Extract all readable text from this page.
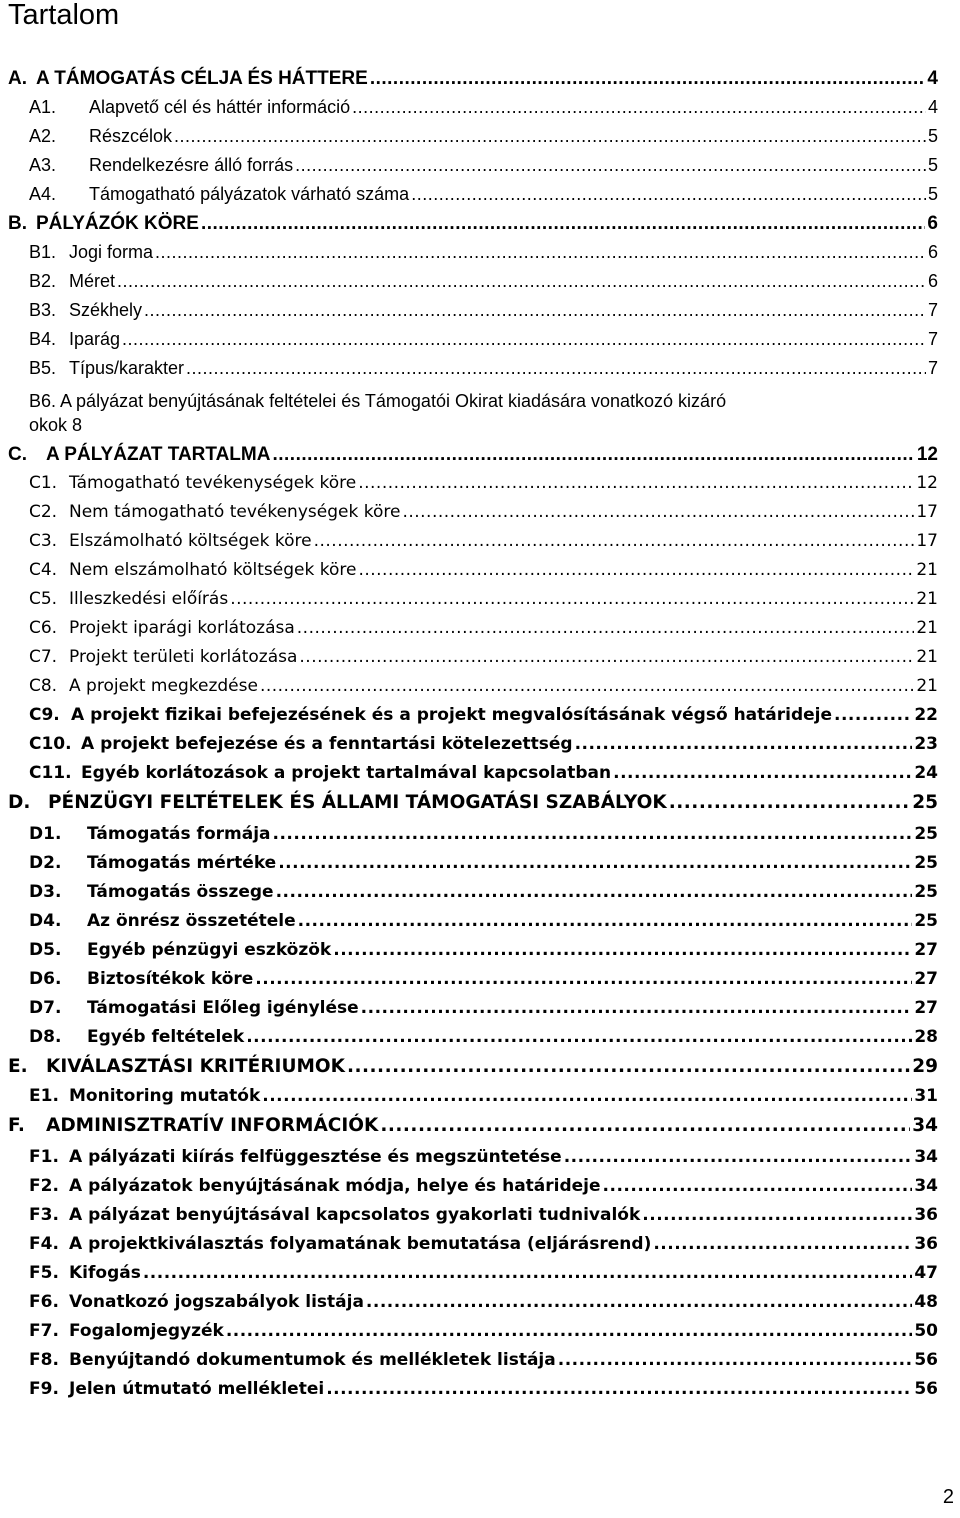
Tartalom
A. A TÁMOGATÁS CÉLJA ÉS HÁTTERE .....	4
A1.	Alapvető cél és háttér információ .....	4
A2.	Részcélok .....	5
A3.	Rendelkezésre álló forrás .....	5
A4.	Támogatható pályázatok várható száma .....	5
B. PÁLYÁZÓK KÖRE .....	6
B1. Jogi forma .....	6
B2. Méret .....	6
B3. Székhely .....	7
B4. Iparág .....	7
B5. Típus/karakter .....	7
B6. A pályázat benyújtásának feltételei és Támogatói Okirat kiadására vonatkozó kizáró
okok 8
C.	A PÁLYÁZAT TARTALMA .....	12
C1. Támogatható tevékenységek köre .....	12
C2. Nem támogatható tevékenységek köre .....	17
C3. Elszámolható költségek köre .....	17
C4. Nem elszámolható költségek köre .....	21
C5. Illeszkedési előírás .....	21
C6. Projekt iparági korlátozása .....	21
C7. Projekt területi korlátozása .....	21
C8. A projekt megkezdése .....	21
C9. A projekt fizikai befejezésének és a projekt megvalósításának végső határideje .....	22
C10. A projekt befejezése és a fenntartási kötelezettség .....	23
C11. Egyéb korlátozások a projekt tartalmával kapcsolatban .....	24
D. PÉNZÜGYI FELTÉTELEK ÉS ÁLLAMI TÁMOGATÁSI SZABÁLYOK .....	25
D1.	Támogatás formája .....	25
D2.	Támogatás mértéke .....	25
D3.	Támogatás összege .....	25
D4.	Az önrész összetétele .....	25
D5.	Egyéb pénzügyi eszközök .....	27
D6.	Biztosítékok köre .....	27
D7.	Támogatási Előleg igénylése .....	27
D8.	Egyéb feltételek .....	28
E. KIVÁLASZTÁSI KRITÉRIUMOK .....	29
E1. Monitoring mutatók .....	31
F.	ADMINISZTRATÍV INFORMÁCIÓK .....	34
F1. A pályázati kiírás felfüggesztése és megszüntetése .....	34
F2. A pályázatok benyújtásának módja, helye és határideje .....	34
F3. A pályázat benyújtásával kapcsolatos gyakorlati tudnivalók .....	36
F4. A projektkiválasztás folyamatának bemutatása (eljárásrend) .....	36
F5. Kifogás .....	47
F6. Vonatkozó jogszabályok listája .....	48
F7. Fogalomjegyzék .....	50
F8. Benyújtandó dokumentumok és mellékletek listája .....	56
F9. Jelen útmutató mellékletei .....	56
2
